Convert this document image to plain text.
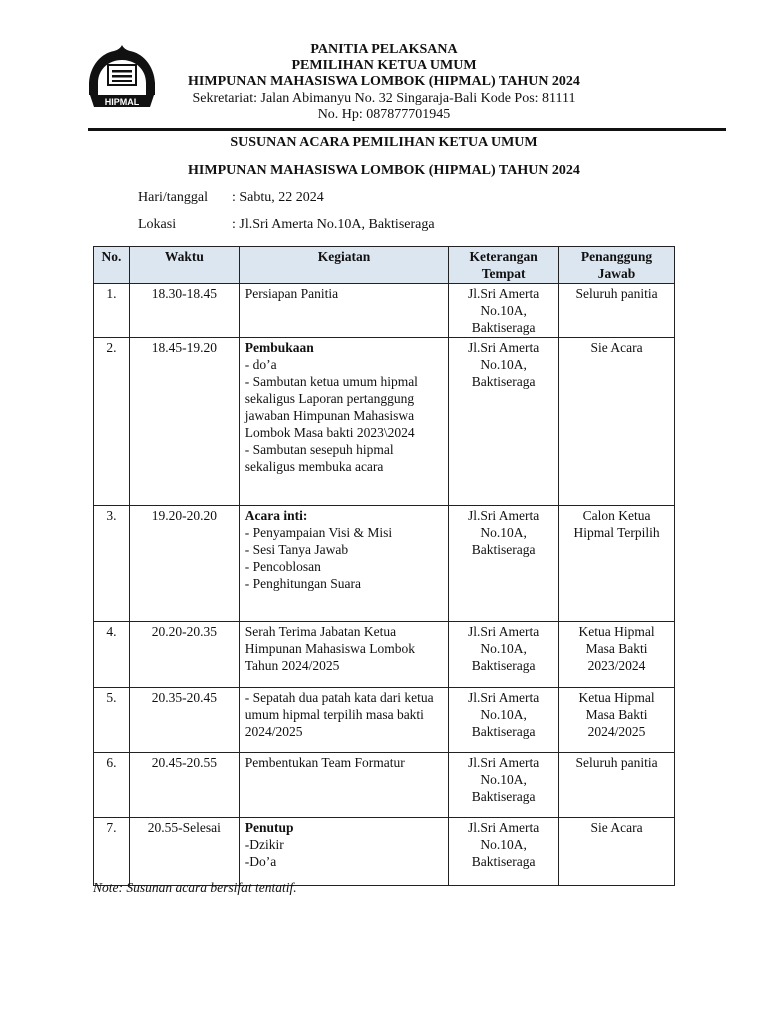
HIPMAL
PANITIA PELAKSANA
PEMILIHAN KETUA UMUM
HIMPUNAN MAHASISWA LOMBOK (HIPMAL) TAHUN 2024
Sekretariat: Jalan Abimanyu No. 32 Singaraja-Bali Kode Pos: 81111
No. Hp: 087877701945
SUSUNAN ACARA PEMILIHAN KETUA UMUM
HIMPUNAN MAHASISWA LOMBOK (HIPMAL) TAHUN 2024
Hari/tanggal : Sabtu, 22 2024
Lokasi	: Jl.Sri Amerta No.10A, Baktiseraga
No.	Waktu	Kegiatan	Keterangan Tempat	Penanggung Jawab
1.	18.30-18.45	Persiapan Panitia	Jl.Sri Amerta No.10A, Baktiseraga	Seluruh panitia
2.	18.45-19.20	Pembukaan
- do’a
- Sambutan ketua umum hipmal sekaligus Laporan pertanggung jawaban Himpunan Mahasiswa Lombok Masa bakti 2023\2024
- Sambutan sesepuh hipmal sekaligus membuka acara	Jl.Sri Amerta No.10A, Baktiseraga	Sie Acara
3.	19.20-20.20	Acara inti:
- Penyampaian Visi & Misi
- Sesi Tanya Jawab
- Pencoblosan
- Penghitungan Suara	Jl.Sri Amerta No.10A, Baktiseraga	Calon Ketua Hipmal Terpilih
4.	20.20-20.35	Serah Terima Jabatan Ketua Himpunan Mahasiswa Lombok Tahun 2024/2025	Jl.Sri Amerta No.10A, Baktiseraga	Ketua Hipmal Masa Bakti 2023/2024
5.	20.35-20.45	- Sepatah dua patah kata dari ketua umum hipmal terpilih masa bakti 2024/2025	Jl.Sri Amerta No.10A, Baktiseraga	Ketua Hipmal Masa Bakti 2024/2025
6.	20.45-20.55	Pembentukan Team Formatur	Jl.Sri Amerta No.10A, Baktiseraga	Seluruh panitia
7.	20.55-Selesai	Penutup
-Dzikir
-Do’a	Jl.Sri Amerta No.10A, Baktiseraga	Sie Acara
Note: Susunan acara bersifat tentatif.
